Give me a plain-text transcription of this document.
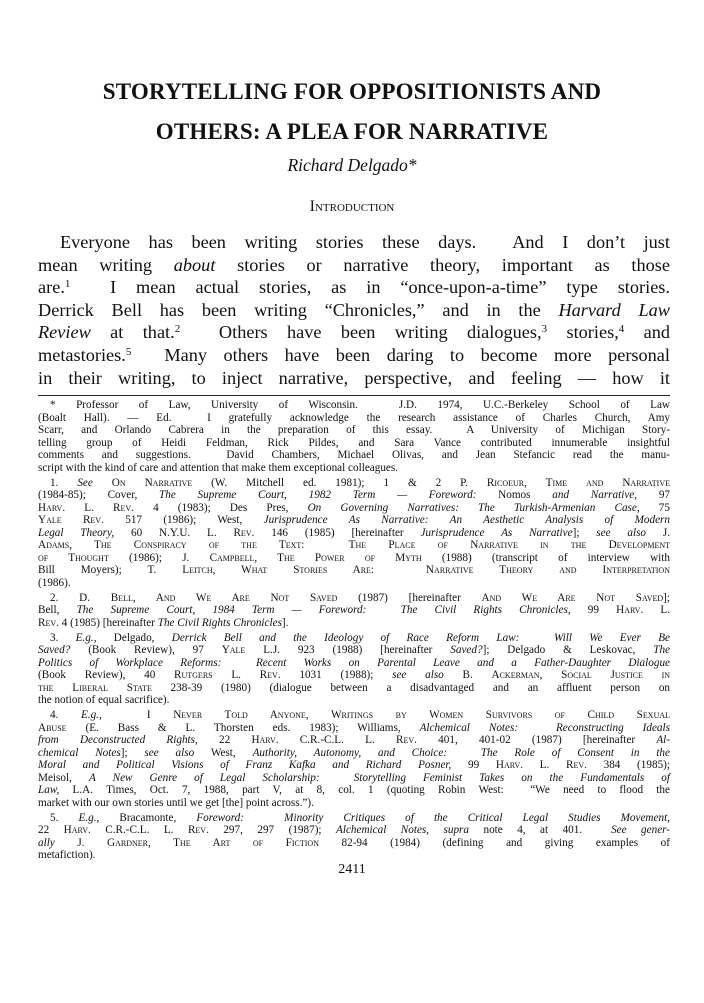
STORYTELLING FOR OPPOSITIONISTS AND
OTHERS: A PLEA FOR NARRATIVE
Richard Delgado*
Introduction
Everyone has been writing stories these days.  And I don’t just
mean writing about stories or narrative theory, important as those
are.$^1$  I mean actual stories, as in “once-upon-a-time” type stories.
Derrick Bell has been writing “Chronicles,” and in the Harvard Law
Review at that.$^2$  Others have been writing dialogues,$^3$ stories,$^4$ and
metastories.$^5$  Many others have been daring to become more personal
in their writing, to inject narrative, perspective, and feeling — how it
* Professor of Law, University of Wisconsin.  J.D. 1974, U.C.-Berkeley School of Law
(Boalt Hall). — Ed.  I gratefully acknowledge the research assistance of Charles Church, Amy
Scarr, and Orlando Cabrera in the preparation of this essay.  A University of Michigan Story-
telling group of Heidi Feldman, Rick Pildes, and Sara Vance contributed innumerable insightful
comments and suggestions.  David Chambers, Michael Olivas, and Jean Stefancic read the manu-
script with the kind of care and attention that make them exceptional colleagues.
1. See On Narrative (W. Mitchell ed. 1981); 1 & 2 P. Ricoeur, Time and Narrative
(1984-85); Cover, The Supreme Court, 1982 Term — Foreword: Nomos and Narrative, 97
Harv. L. Rev. 4 (1983); Des Pres, On Governing Narratives: The Turkish-Armenian Case, 75
Yale Rev. 517 (1986); West, Jurisprudence As Narrative: An Aesthetic Analysis of Modern
Legal Theory, 60 N.Y.U. L. Rev. 146 (1985) [hereinafter Jurisprudence As Narrative]; see also J.
Adams, The Conspiracy of the Text:  The Place of Narrative in the Development
of Thought (1986); J. Campbell, The Power of Myth (1988) (transcript of interview with
Bill Moyers); T. Leitch, What Stories Are:  Narrative Theory and Interpretation
(1986).
2. D. Bell, And We Are Not Saved (1987) [hereinafter And We Are Not Saved];
Bell, The Supreme Court, 1984 Term — Foreword:  The Civil Rights Chronicles, 99 Harv. L.
Rev. 4 (1985) [hereinafter The Civil Rights Chronicles].
3. E.g., Delgado, Derrick Bell and the Ideology of Race Reform Law:  Will We Ever Be
Saved? (Book Review), 97 Yale L.J. 923 (1988) [hereinafter Saved?]; Delgado & Leskovac, The
Politics of Workplace Reforms:  Recent Works on Parental Leave and a Father-Daughter Dialogue
(Book Review), 40 Rutgers L. Rev. 1031 (1988); see also B. Ackerman, Social Justice in
the Liberal State 238-39 (1980) (dialogue between a disadvantaged and an affluent person on
the notion of equal sacrifice).
4. E.g.,  I Never Told Anyone, Writings by Women Survivors of Child Sexual
Abuse (E. Bass & L. Thorsten eds. 1983); Williams, Alchemical Notes:  Reconstructing Ideals
from Deconstructed Rights, 22 Harv. C.R.-C.L. L. Rev. 401, 401-02 (1987) [hereinafter Al-
chemical Notes]; see also West, Authority, Autonomy, and Choice:  The Role of Consent in the
Moral and Political Visions of Franz Kafka and Richard Posner, 99 Harv. L. Rev. 384 (1985);
Meisol, A New Genre of Legal Scholarship:  Storytelling Feminist Takes on the Fundamentals of
Law, L.A. Times, Oct. 7, 1988, part V, at 8, col. 1 (quoting Robin West:  “We need to flood the
market with our own stories until we get [the] point across.”).
5. E.g., Bracamonte, Foreword:  Minority Critiques of the Critical Legal Studies Movement,
22 Harv. C.R.-C.L. L. Rev. 297, 297 (1987); Alchemical Notes, supra note 4, at 401.  See gener-
ally J. Gardner, The Art of Fiction 82-94 (1984) (defining and giving examples of
metafiction).
2411
